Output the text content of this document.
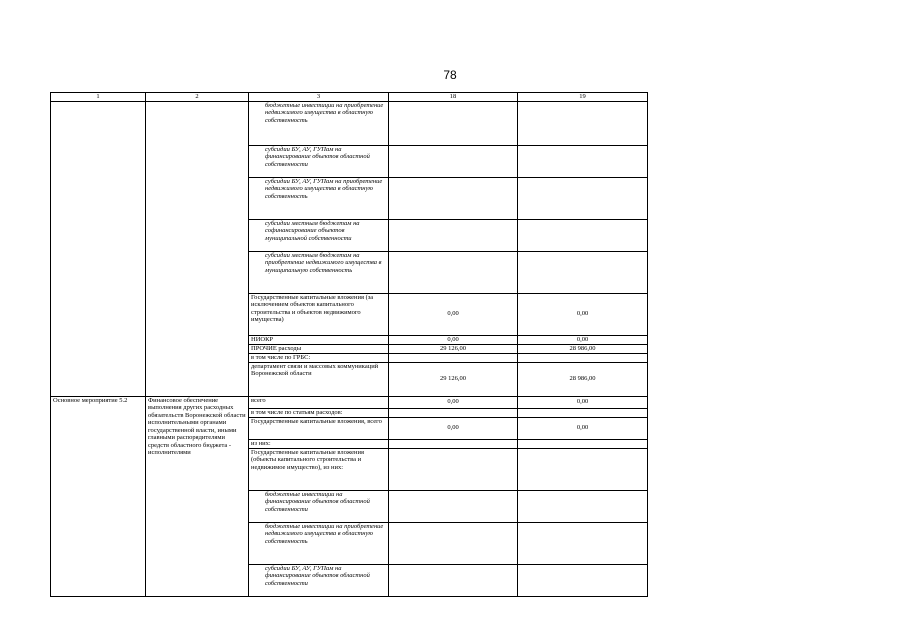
78
1	2	3	18	19
		бюджетные инвестиции на приобретение недвижимого имущества в областную собственность		
		субсидии БУ, АУ, ГУПам на финансирование объектов областной собственности		
		субсидии БУ, АУ, ГУПам на приобретение недвижимого имущества в областную собственность		
		субсидии местным бюджетам на софинансирование объектов муниципальной собственности		
		субсидии местным бюджетам на приобретение недвижимого имущества в муниципальную собственность		
		Государственные капитальные вложения (за исключением объектов капитального строительства и объектов недвижимого имущества)	0,00	0,00
		НИОКР	0,00	0,00
		ПРОЧИЕ расходы	29 126,00	28 986,00
		в том числе по ГРБС:		
		департамент связи и массовых коммуникаций Воронежской области	29 126,00	28 986,00
Основное мероприятие 5.2	Финансовое обеспечение выполнения других расходных обязательств Воронежской области исполнительными органами государственной власти, иными главными распорядителями средств областного бюджета - исполнителями	всего	0,00	0,00
		в том числе по статьям расходов:		
		Государственные капитальные вложения, всего	0,00	0,00
		из них:		
		Государственные капитальные вложения (объекты капитального строительства и недвижимое имущество), из них:		
		бюджетные инвестиции на финансирование объектов областной собственности		
		бюджетные инвестиции на приобретение недвижимого имущества в областную собственность		
		субсидии БУ, АУ, ГУПам на финансирование объектов областной собственности		
